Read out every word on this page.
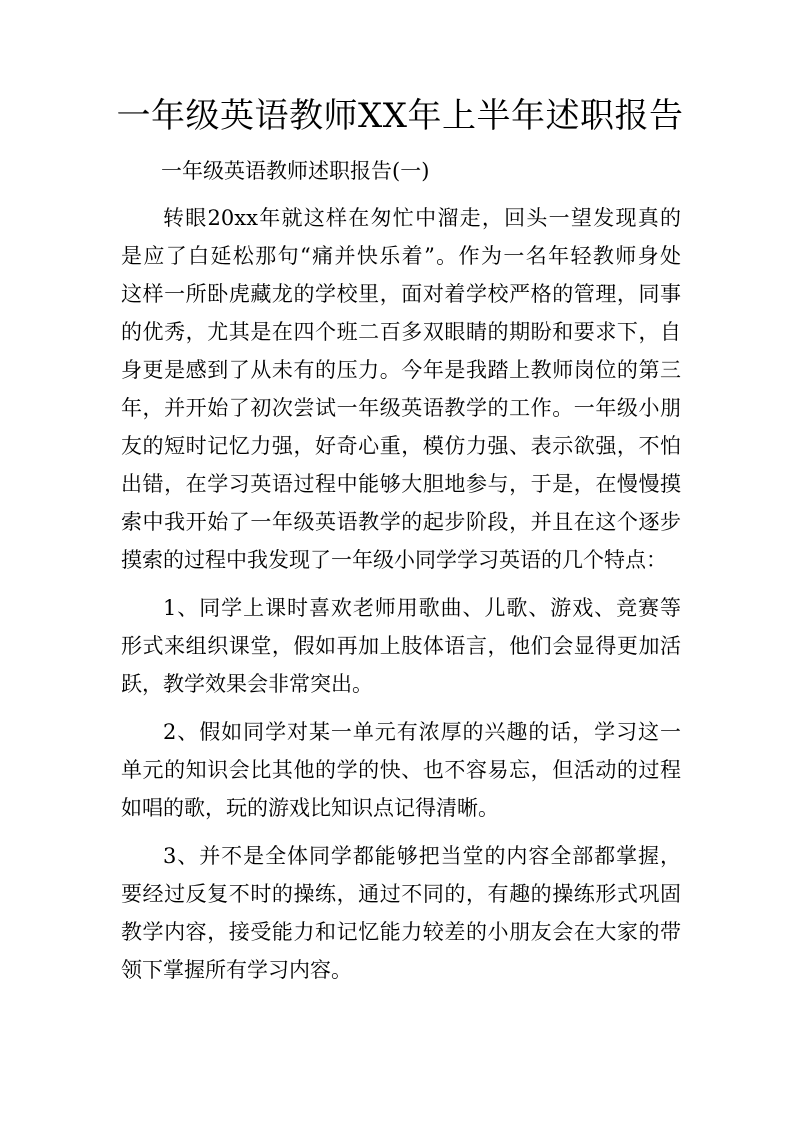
一年级英语教师XX年上半年述职报告
一年级英语教师述职报告(一)
转眼20xx年就这样在匆忙中溜走，回头一望发现真的
是应了白延松那句“痛并快乐着”。作为一名年轻教师身处
这样一所卧虎藏龙的学校里，面对着学校严格的管理，同事
的优秀，尤其是在四个班二百多双眼睛的期盼和要求下，自
身更是感到了从未有的压力。今年是我踏上教师岗位的第三
年，并开始了初次尝试一年级英语教学的工作。一年级小朋
友的短时记忆力强，好奇心重，模仿力强、表示欲强，不怕
出错，在学习英语过程中能够大胆地参与，于是，在慢慢摸
索中我开始了一年级英语教学的起步阶段，并且在这个逐步
摸索的过程中我发现了一年级小同学学习英语的几个特点：
1、同学上课时喜欢老师用歌曲、儿歌、游戏、竞赛等
形式来组织课堂，假如再加上肢体语言，他们会显得更加活
跃，教学效果会非常突出。
2、假如同学对某一单元有浓厚的兴趣的话，学习这一
单元的知识会比其他的学的快、也不容易忘，但活动的过程
如唱的歌，玩的游戏比知识点记得清晰。
3、并不是全体同学都能够把当堂的内容全部都掌握，
要经过反复不时的操练，通过不同的，有趣的操练形式巩固
教学内容，接受能力和记忆能力较差的小朋友会在大家的带
领下掌握所有学习内容。
